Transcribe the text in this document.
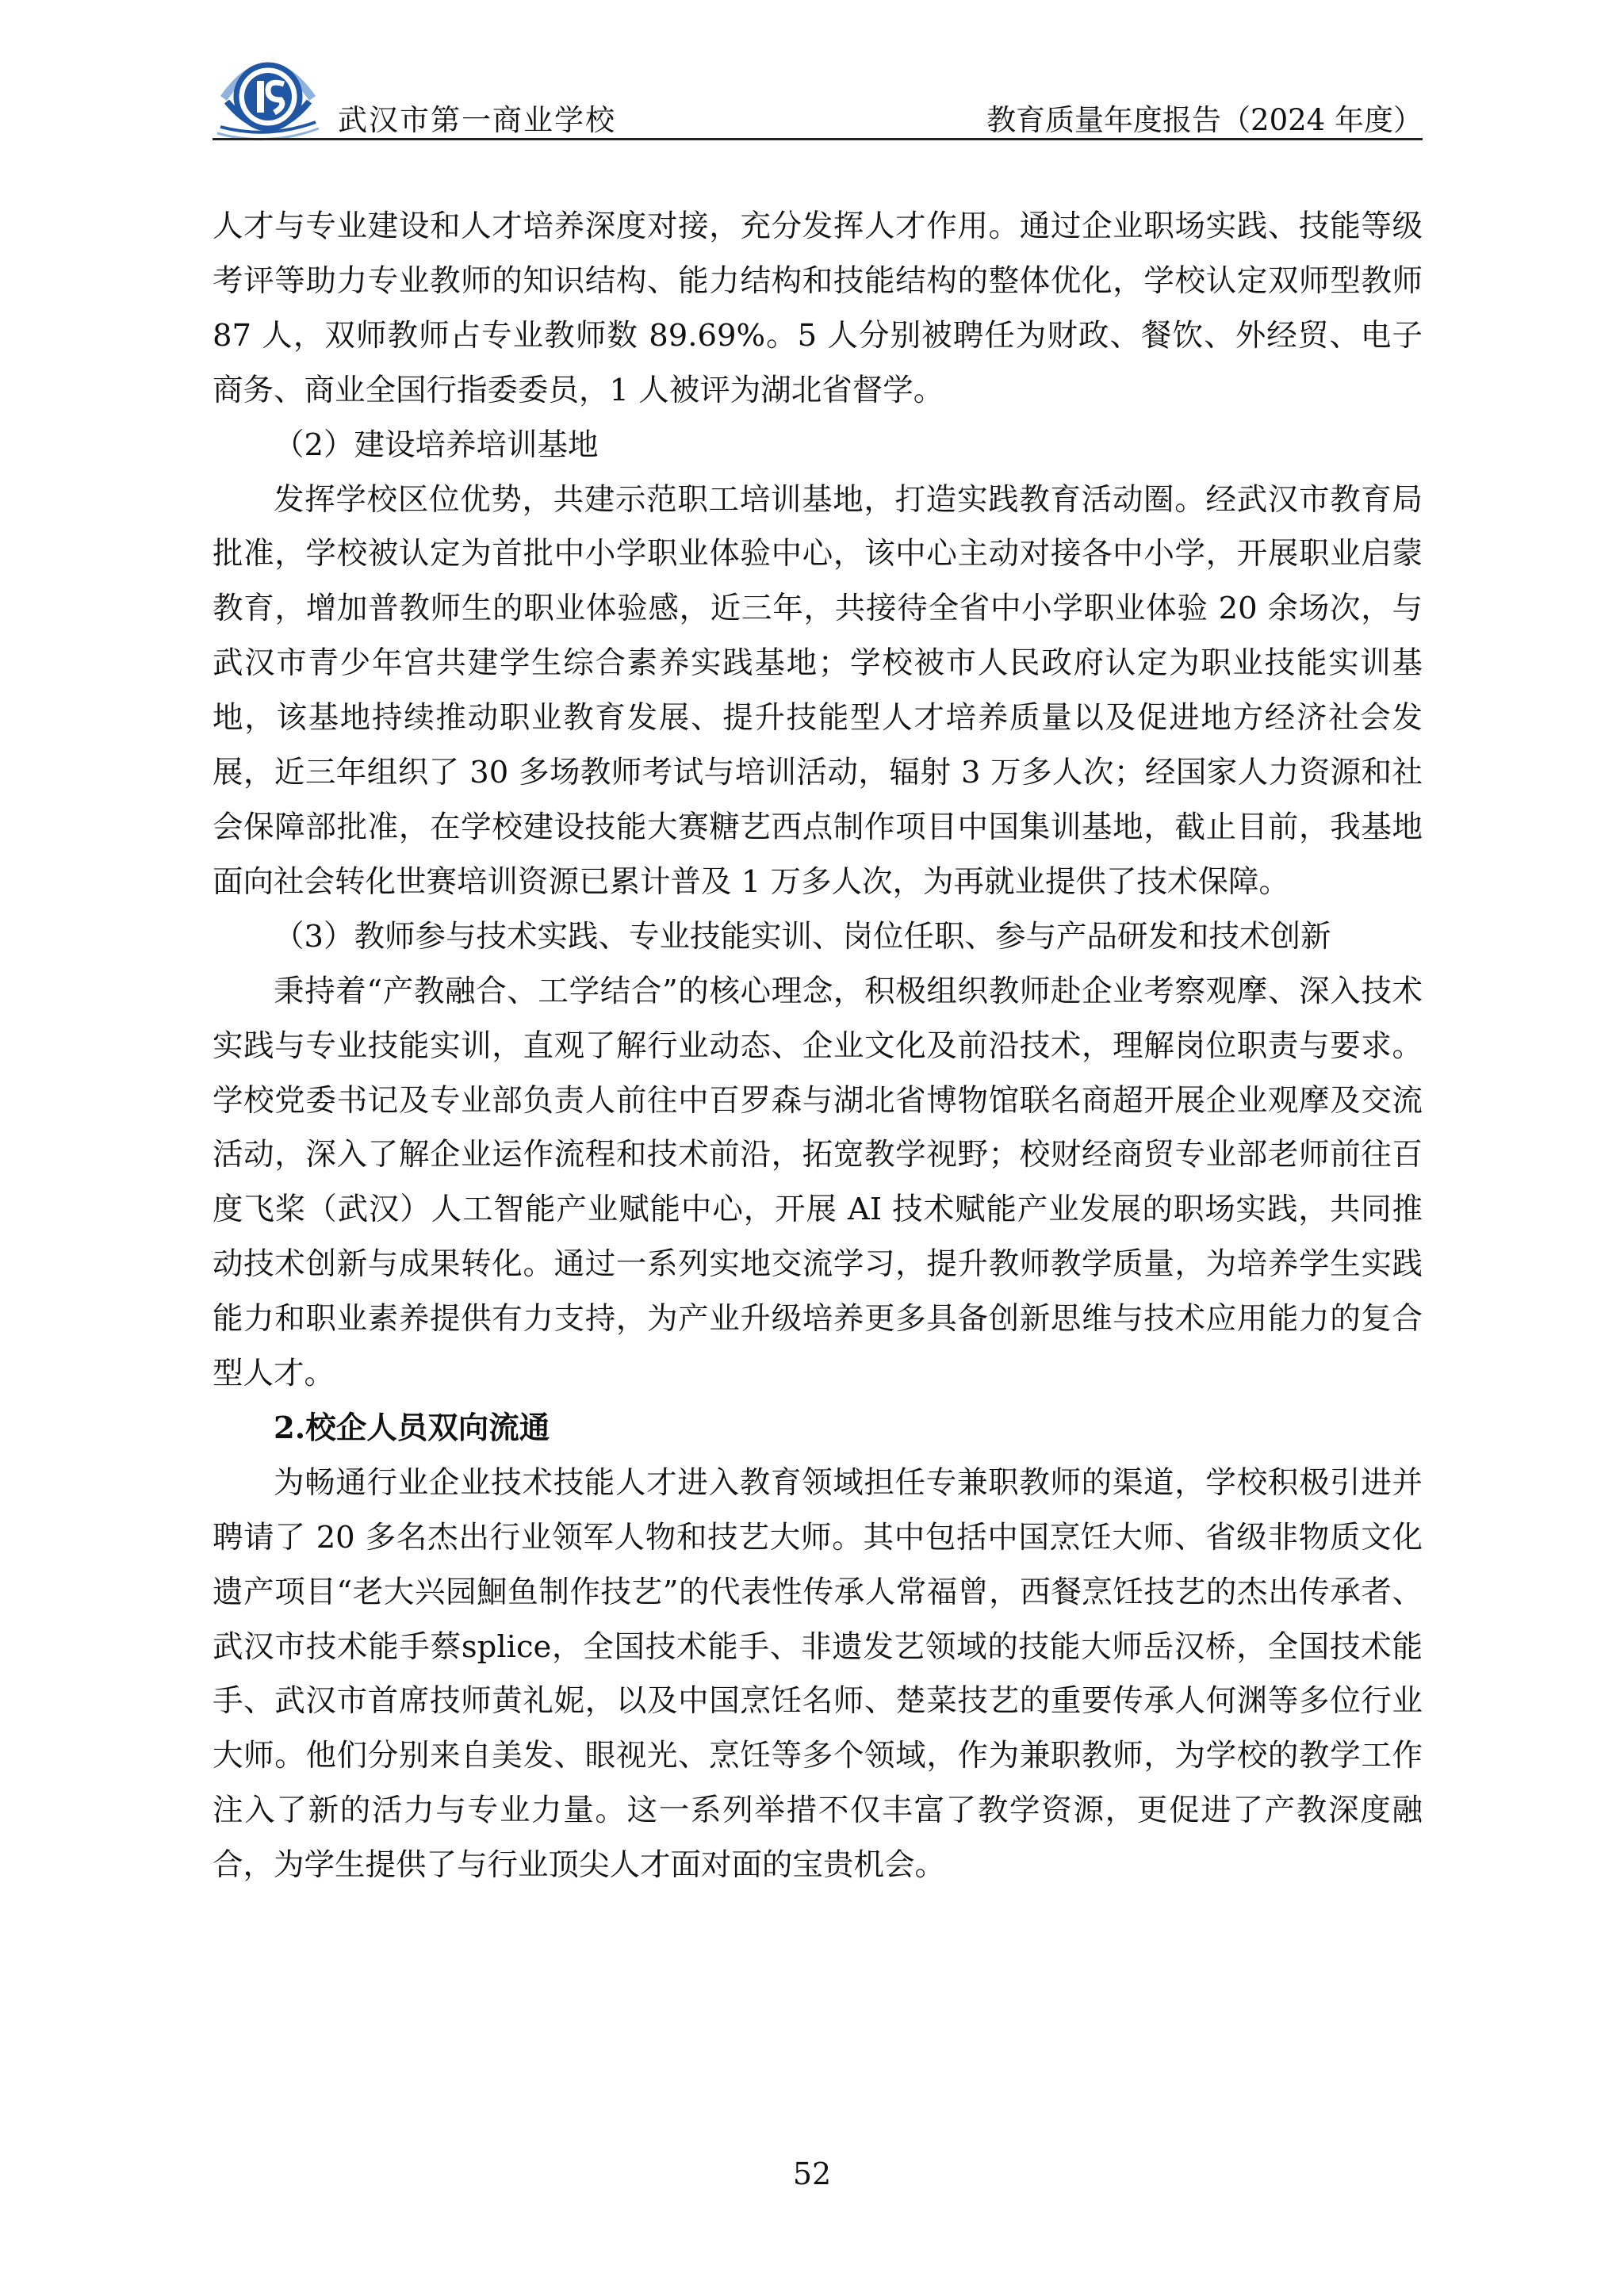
武汉市第一商业学校	教育质量年度报告（2024 年度）

人才与专业建设和人才培养深度对接，充分发挥人才作用。通过企业职场实践、技能等级考评等助力专业教师的知识结构、能力结构和技能结构的整体优化，学校认定双师型教师 87 人，双师教师占专业教师数 89.69%。5 人分别被聘任为财政、餐饮、外经贸、电子商务、商业全国行指委委员，1 人被评为湖北省督学。

（2）建设培养培训基地

发挥学校区位优势，共建示范职工培训基地，打造实践教育活动圈。经武汉市教育局批准，学校被认定为首批中小学职业体验中心，该中心主动对接各中小学，开展职业启蒙教育，增加普教师生的职业体验感，近三年，共接待全省中小学职业体验 20 余场次，与武汉市青少年宫共建学生综合素养实践基地；学校被市人民政府认定为职业技能实训基地，该基地持续推动职业教育发展、提升技能型人才培养质量以及促进地方经济社会发展，近三年组织了 30 多场教师考试与培训活动，辐射 3 万多人次；经国家人力资源和社会保障部批准，在学校建设技能大赛糖艺西点制作项目中国集训基地，截止目前，我基地面向社会转化世赛培训资源已累计普及 1 万多人次，为再就业提供了技术保障。

（3）教师参与技术实践、专业技能实训、岗位任职、参与产品研发和技术创新

秉持着“产教融合、工学结合”的核心理念，积极组织教师赴企业考察观摩、深入技术实践与专业技能实训，直观了解行业动态、企业文化及前沿技术，理解岗位职责与要求。学校党委书记及专业部负责人前往中百罗森与湖北省博物馆联名商超开展企业观摩及交流活动，深入了解企业运作流程和技术前沿，拓宽教学视野；校财经商贸专业部老师前往百度飞桨（武汉）人工智能产业赋能中心，开展 AI 技术赋能产业发展的职场实践，共同推动技术创新与成果转化。通过一系列实地交流学习，提升教师教学质量，为培养学生实践能力和职业素养提供有力支持，为产业升级培养更多具备创新思维与技术应用能力的复合型人才。

2.校企人员双向流通

为畅通行业企业技术技能人才进入教育领域担任专兼职教师的渠道，学校积极引进并聘请了 20 多名杰出行业领军人物和技艺大师。其中包括中国烹饪大师、省级非物质文化遗产项目“老大兴园鮰鱼制作技艺”的代表性传承人常福曾，西餐烹饪技艺的杰出传承者、武汉市技术能手蔡splice，全国技术能手、非遗发艺领域的技能大师岳汉桥，全国技术能手、武汉市首席技师黄礼妮，以及中国烹饪名师、楚菜技艺的重要传承人何渊等多位行业大师。他们分别来自美发、眼视光、烹饪等多个领域，作为兼职教师，为学校的教学工作注入了新的活力与专业力量。这一系列举措不仅丰富了教学资源，更促进了产教深度融合，为学生提供了与行业顶尖人才面对面的宝贵机会。

52
